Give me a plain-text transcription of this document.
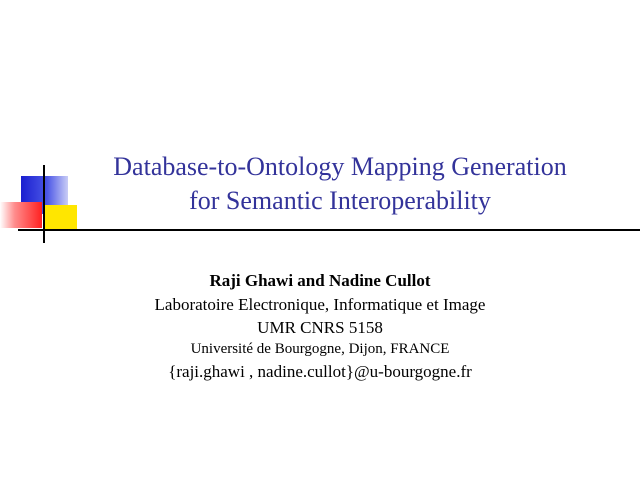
Database-to-Ontology Mapping Generation
for Semantic Interoperability
Raji Ghawi and Nadine Cullot
Laboratoire Electronique, Informatique et Image
UMR CNRS 5158
Université de Bourgogne, Dijon, FRANCE
{raji.ghawi , nadine.cullot}@u-bourgogne.fr
